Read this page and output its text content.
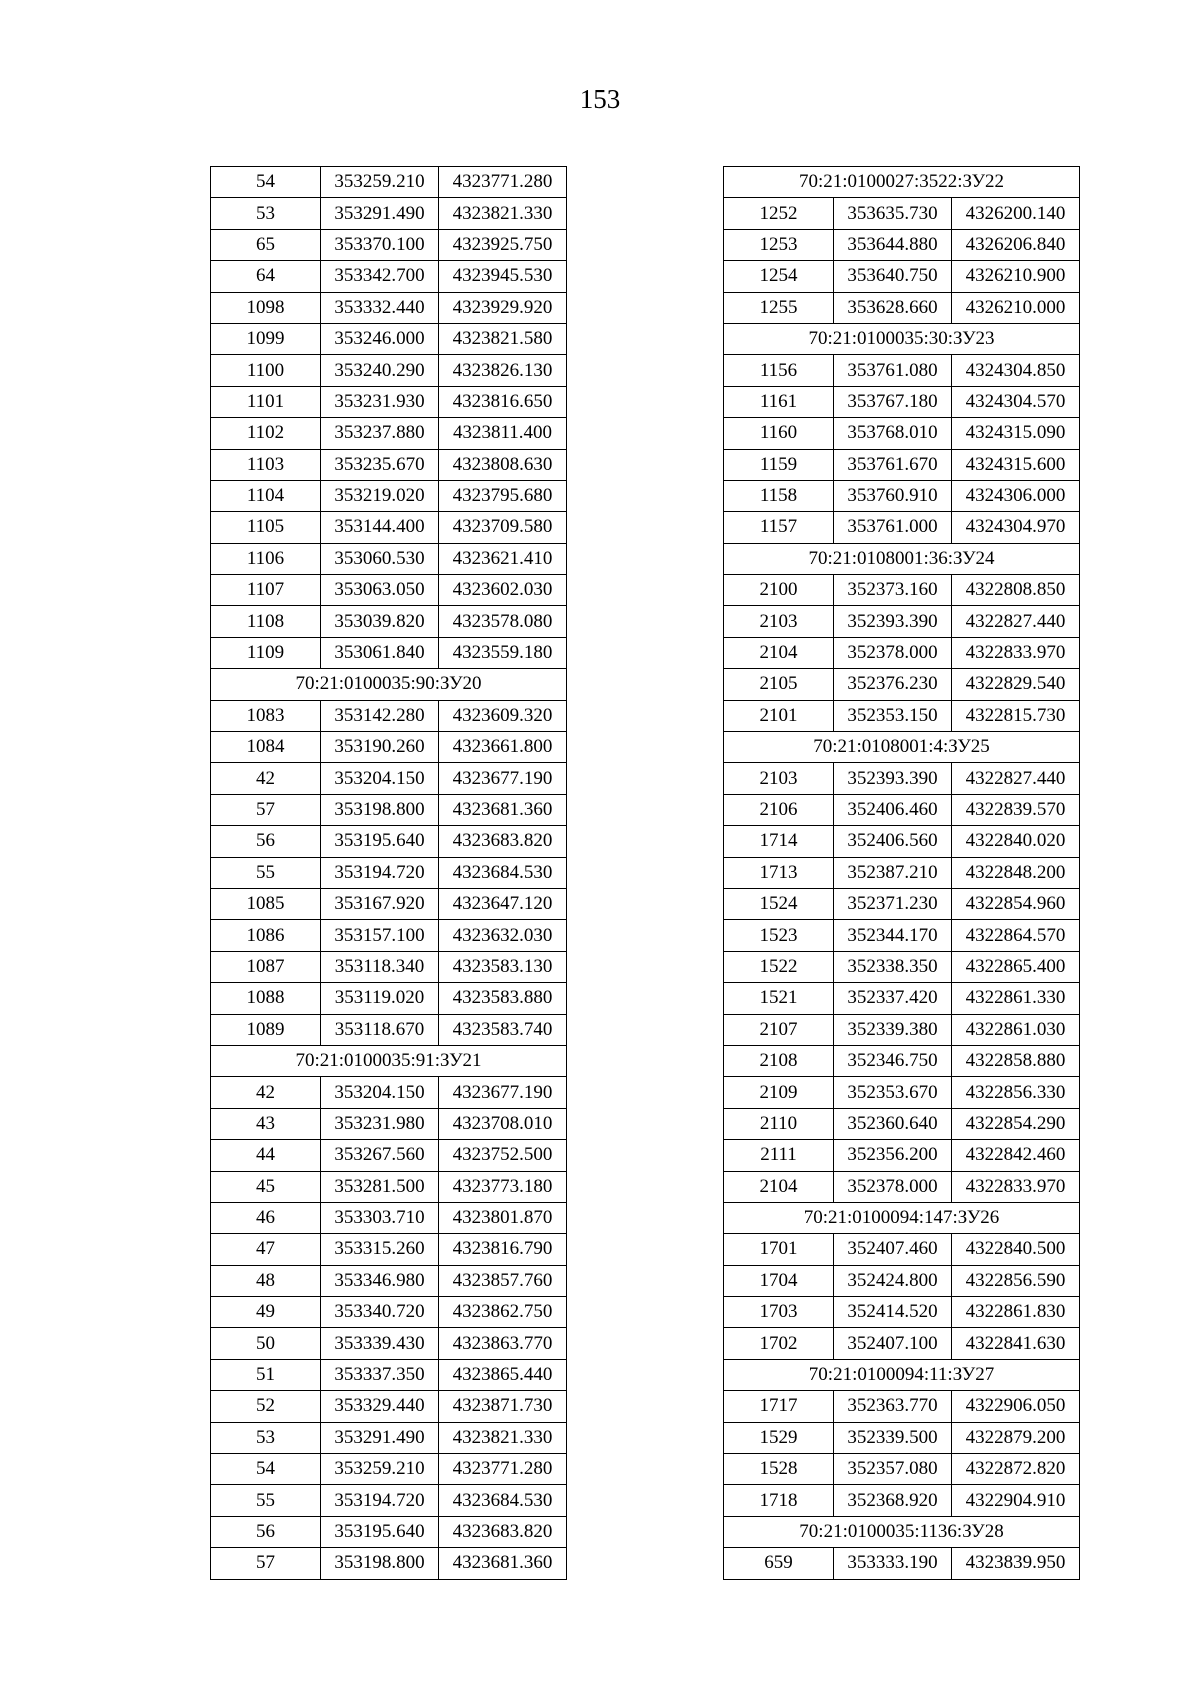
153
54	353259.210	4323771.280
53	353291.490	4323821.330
65	353370.100	4323925.750
64	353342.700	4323945.530
1098	353332.440	4323929.920
1099	353246.000	4323821.580
1100	353240.290	4323826.130
1101	353231.930	4323816.650
1102	353237.880	4323811.400
1103	353235.670	4323808.630
1104	353219.020	4323795.680
1105	353144.400	4323709.580
1106	353060.530	4323621.410
1107	353063.050	4323602.030
1108	353039.820	4323578.080
1109	353061.840	4323559.180
70:21:0100035:90:ЗУ20		
1083	353142.280	4323609.320
1084	353190.260	4323661.800
42	353204.150	4323677.190
57	353198.800	4323681.360
56	353195.640	4323683.820
55	353194.720	4323684.530
1085	353167.920	4323647.120
1086	353157.100	4323632.030
1087	353118.340	4323583.130
1088	353119.020	4323583.880
1089	353118.670	4323583.740
70:21:0100035:91:ЗУ21		
42	353204.150	4323677.190
43	353231.980	4323708.010
44	353267.560	4323752.500
45	353281.500	4323773.180
46	353303.710	4323801.870
47	353315.260	4323816.790
48	353346.980	4323857.760
49	353340.720	4323862.750
50	353339.430	4323863.770
51	353337.350	4323865.440
52	353329.440	4323871.730
53	353291.490	4323821.330
54	353259.210	4323771.280
55	353194.720	4323684.530
56	353195.640	4323683.820
57	353198.800	4323681.360
70:21:0100027:3522:ЗУ22		
1252	353635.730	4326200.140
1253	353644.880	4326206.840
1254	353640.750	4326210.900
1255	353628.660	4326210.000
70:21:0100035:30:ЗУ23		
1156	353761.080	4324304.850
1161	353767.180	4324304.570
1160	353768.010	4324315.090
1159	353761.670	4324315.600
1158	353760.910	4324306.000
1157	353761.000	4324304.970
70:21:0108001:36:ЗУ24		
2100	352373.160	4322808.850
2103	352393.390	4322827.440
2104	352378.000	4322833.970
2105	352376.230	4322829.540
2101	352353.150	4322815.730
70:21:0108001:4:ЗУ25		
2103	352393.390	4322827.440
2106	352406.460	4322839.570
1714	352406.560	4322840.020
1713	352387.210	4322848.200
1524	352371.230	4322854.960
1523	352344.170	4322864.570
1522	352338.350	4322865.400
1521	352337.420	4322861.330
2107	352339.380	4322861.030
2108	352346.750	4322858.880
2109	352353.670	4322856.330
2110	352360.640	4322854.290
2111	352356.200	4322842.460
2104	352378.000	4322833.970
70:21:0100094:147:ЗУ26		
1701	352407.460	4322840.500
1704	352424.800	4322856.590
1703	352414.520	4322861.830
1702	352407.100	4322841.630
70:21:0100094:11:ЗУ27		
1717	352363.770	4322906.050
1529	352339.500	4322879.200
1528	352357.080	4322872.820
1718	352368.920	4322904.910
70:21:0100035:1136:ЗУ28		
659	353333.190	4323839.950
